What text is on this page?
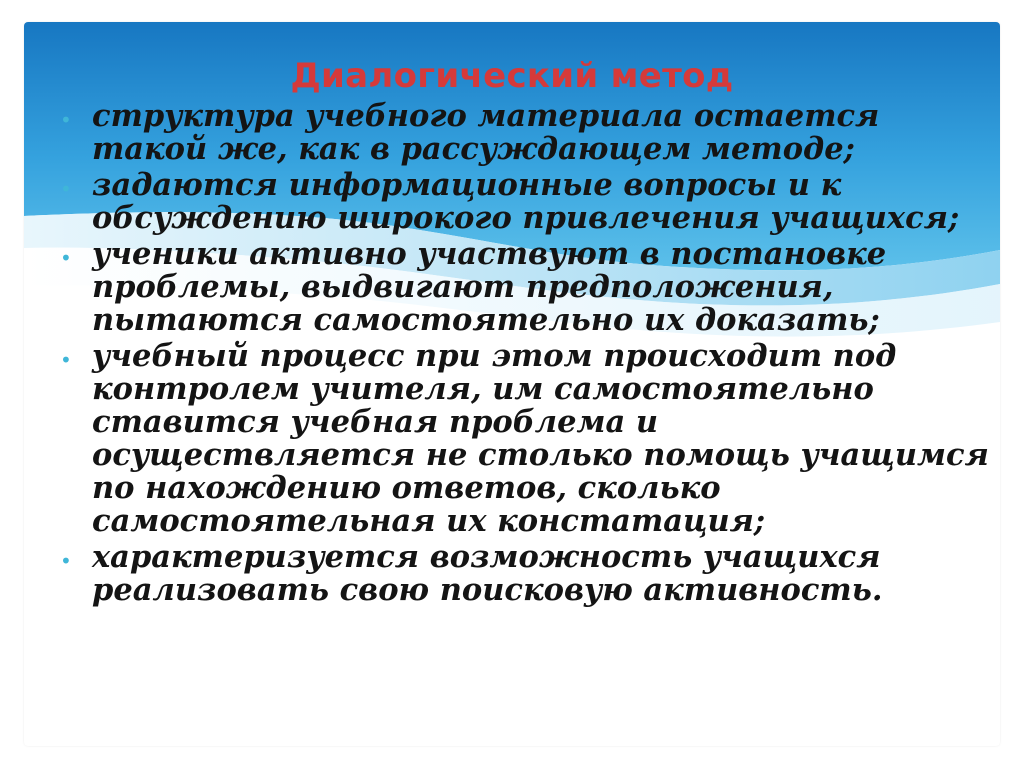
Диалогический метод
• структура учебного материала остается такой же, как в рассуждающем методе;
• задаются информационные вопросы и к обсуждению широкого привлечения учащихся;
• ученики активно участвуют в постановке проблемы, выдвигают предположения, пытаются самостоятельно их доказать;
• учебный процесс при этом происходит под контролем учителя, им самостоятельно ставится учебная проблема и осуществляется не столько помощь учащимся по нахождению ответов, сколько самостоятельная их констатация;
• характеризуется возможность учащихся реализовать свою поисковую активность.
